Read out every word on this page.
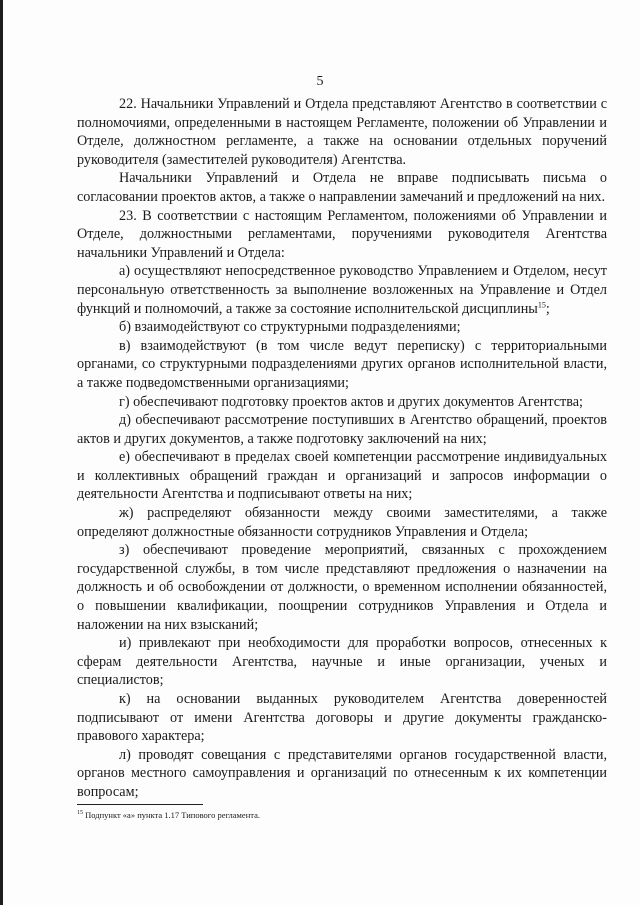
5

22. Начальники Управлений и Отдела представляют Агентство в соответствии с полномочиями, определенными в настоящем Регламенте, положении об Управлении и Отделе, должностном регламенте, а также на основании отдельных поручений руководителя (заместителей руководителя) Агентства.

Начальники Управлений и Отдела не вправе подписывать письма о согласовании проектов актов, а также о направлении замечаний и предложений на них.

23. В соответствии с настоящим Регламентом, положениями об Управлении и Отделе, должностными регламентами, поручениями руководителя Агентства начальники Управлений и Отдела:

а) осуществляют непосредственное руководство Управлением и Отделом, несут персональную ответственность за выполнение возложенных на Управление и Отдел функций и полномочий, а также за состояние исполнительской дисциплины$^{15}$;

б) взаимодействуют со структурными подразделениями;

в) взаимодействуют (в том числе ведут переписку) с территориальными органами, со структурными подразделениями других органов исполнительной власти, а также подведомственными организациями;

г) обеспечивают подготовку проектов актов и других документов Агентства;

д) обеспечивают рассмотрение поступивших в Агентство обращений, проектов актов и других документов, а также подготовку заключений на них;

е) обеспечивают в пределах своей компетенции рассмотрение индивидуальных и коллективных обращений граждан и организаций и запросов информации о деятельности Агентства и подписывают ответы на них;

ж) распределяют обязанности между своими заместителями, а также определяют должностные обязанности сотрудников Управления и Отдела;

з) обеспечивают проведение мероприятий, связанных с прохождением государственной службы, в том числе представляют предложения о назначении на должность и об освобождении от должности, о временном исполнении обязанностей, о повышении квалификации, поощрении сотрудников Управления и Отдела и наложении на них взысканий;

и) привлекают при необходимости для проработки вопросов, отнесенных к сферам деятельности Агентства, научные и иные организации, ученых и специалистов;

к) на основании выданных руководителем Агентства доверенностей подписывают от имени Агентства договоры и другие документы гражданско-правового характера;

л) проводят совещания с представителями органов государственной власти, органов местного самоуправления и организаций по отнесенным к их компетенции вопросам;

$^{15}$ Подпункт «а» пункта 1.17 Типового регламента.
